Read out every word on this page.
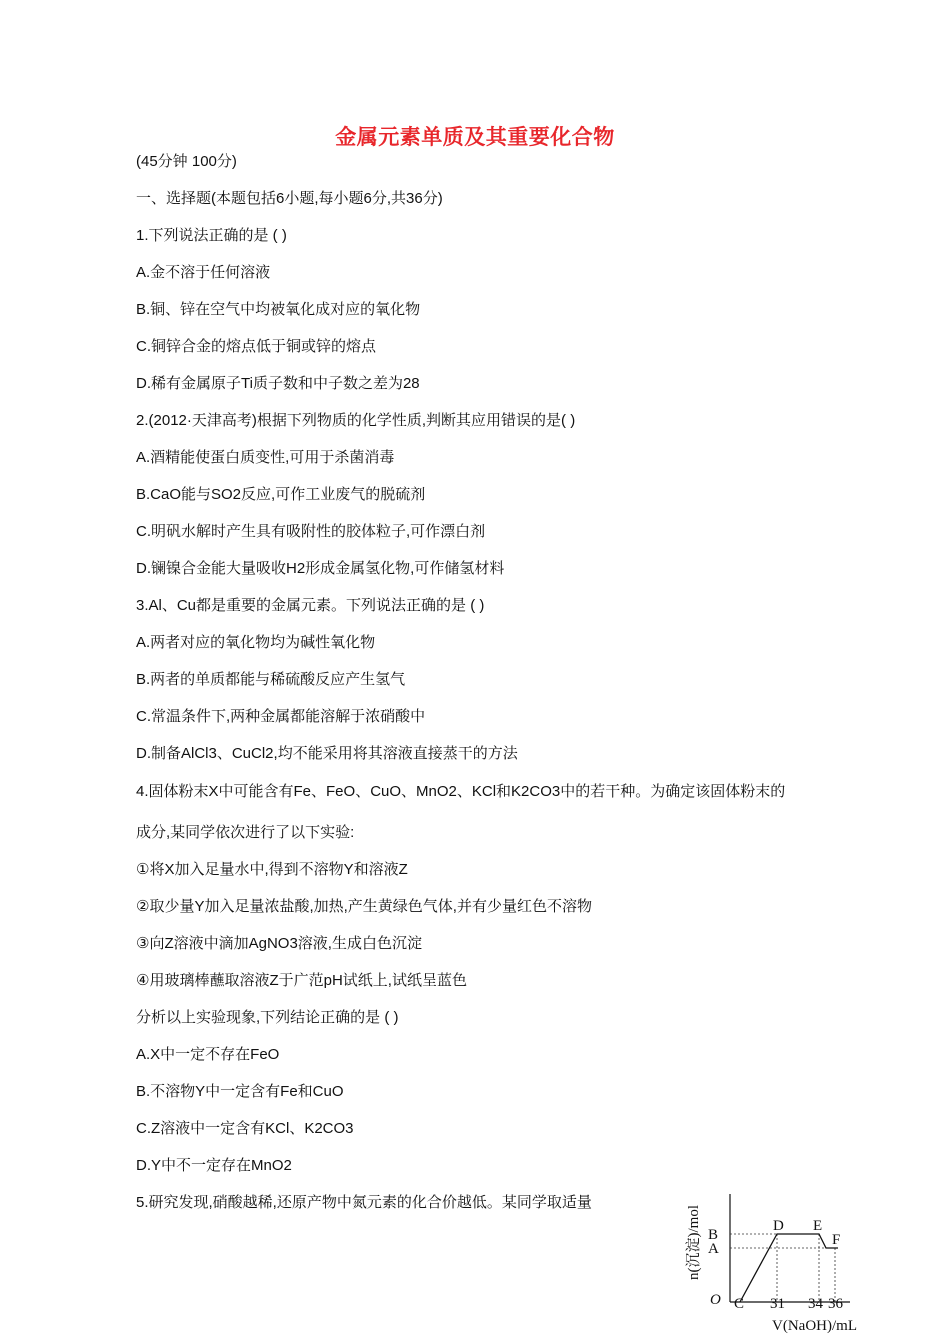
金属元素单质及其重要化合物
(45分钟 100分)
一、选择题(本题包括6小题,每小题6分,共36分)
1.下列说法正确的是 ( )
A.金不溶于任何溶液
B.铜、锌在空气中均被氧化成对应的氧化物
C.铜锌合金的熔点低于铜或锌的熔点
D.稀有金属原子Ti质子数和中子数之差为28
2.(2012·天津高考)根据下列物质的化学性质,判断其应用错误的是( )
A.酒精能使蛋白质变性,可用于杀菌消毒
B.CaO能与SO2反应,可作工业废气的脱硫剂
C.明矾水解时产生具有吸附性的胶体粒子,可作漂白剂
D.镧镍合金能大量吸收H2形成金属氢化物,可作储氢材料
3.Al、Cu都是重要的金属元素。下列说法正确的是 ( )
A.两者对应的氧化物均为碱性氧化物
B.两者的单质都能与稀硫酸反应产生氢气
C.常温条件下,两种金属都能溶解于浓硝酸中
D.制备AlCl3、CuCl2,均不能采用将其溶液直接蒸干的方法
4.固体粉末X中可能含有Fe、FeO、CuO、MnO2、KCl和K2CO3中的若干种。为确定该固体粉末的
成分,某同学依次进行了以下实验:
①将X加入足量水中,得到不溶物Y和溶液Z
②取少量Y加入足量浓盐酸,加热,产生黄绿色气体,并有少量红色不溶物
③向Z溶液中滴加AgNO3溶液,生成白色沉淀
④用玻璃棒蘸取溶液Z于广范pH试纸上,试纸呈蓝色
分析以上实验现象,下列结论正确的是 ( )
A.X中一定不存在FeO
B.不溶物Y中一定含有Fe和CuO
C.Z溶液中一定含有KCl、K2CO3
D.Y中不一定存在MnO2
5.研究发现,硝酸越稀,还原产物中氮元素的化合价越低。某同学取适量
n(沉淀)/mol B
A
D E
F
O C 31 34 36
V(NaOH)/mL
